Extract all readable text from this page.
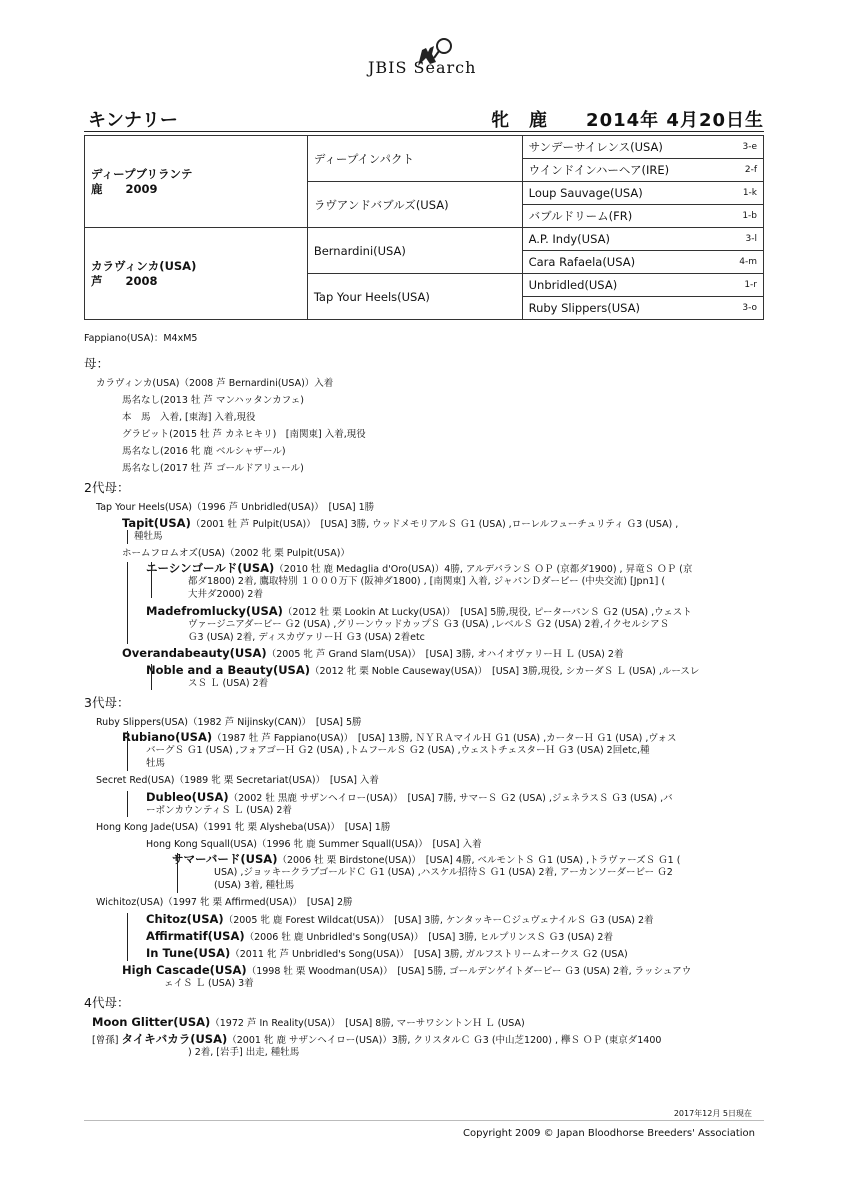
JBIS Search
キンナリー	牝　鹿　　2014年 4月20日生
ディープブリランテ
鹿　　2009	ディープインパクト	サンデーサイレンス(USA)	3-e
		ウインドインハーヘア(IRE)	2-f
	ラヴアンドバブルズ(USA)	Loup Sauvage(USA)	1-k
		バブルドリーム(FR)	1-b

カラヴィンカ(USA)
芦　　2008	Bernardini(USA)	A.P. Indy(USA)	3-l
		Cara Rafaela(USA)	4-m
	Tap Your Heels(USA)	Unbridled(USA)	1-r
		Ruby Slippers(USA)	3-o
Fappiano(USA)：M4xM5
母：
カラヴィンカ(USA)（2008 芦 Bernardini(USA)）入着
馬名なし(2013 牡 芦 マンハッタンカフェ)
本　馬　入着, [東海] 入着,現役
グラビット(2015 牡 芦 カネヒキリ)　[南関東] 入着,現役
馬名なし(2016 牝 鹿 ベルシャザール)
馬名なし(2017 牡 芦 ゴールドアリュール)
2代母：
Tap Your Heels(USA)（1996 芦 Unbridled(USA)）　[USA] 1勝
Tapit(USA)（2001 牡 芦 Pulpit(USA)）　[USA] 3勝, ウッドメモリアルＳ Ｇ1 (USA) ,ローレルフューチュリティ Ｇ3 (USA) ,
種牡馬
ホームフロムオズ(USA)（2002 牝 栗 Pulpit(USA)）
エーシンゴールド(USA)（2010 牡 鹿 Medaglia d'Oro(USA)）4勝, アルデバランＳ ＯＰ (京都ダ1900) , 昇竜Ｓ ＯＰ (京
都ダ1800) 2着, 鷹取特別 １０００万下 (阪神ダ1800) , [南関東] 入着, ジャパンＤダービー (中央交流) [Jpn1] (
大井ダ2000) 2着
Madefromlucky(USA)（2012 牡 栗 Lookin At Lucky(USA)）　[USA] 5勝,現役, ピーターパンＳ Ｇ2 (USA) ,ウェスト
ヴァージニアダービー Ｇ2 (USA) ,グリーンウッドカップＳ Ｇ3 (USA) ,レベルＳ Ｇ2 (USA) 2着,イクセルシアＳ
Ｇ3 (USA) 2着, ディスカヴァリーＨ Ｇ3 (USA) 2着etc
Overandabeauty(USA)（2005 牝 芦 Grand Slam(USA)）　[USA] 3勝, オハイオヴァリーＨ Ｌ (USA) 2着
Noble and a Beauty(USA)（2012 牝 栗 Noble Causeway(USA)）　[USA] 3勝,現役, シカーダＳ Ｌ (USA) ,ルースレ
スＳ Ｌ (USA) 2着
3代母：
Ruby Slippers(USA)（1982 芦 Nijinsky(CAN)）　[USA] 5勝
Rubiano(USA)（1987 牡 芦 Fappiano(USA)）　[USA] 13勝, ＮＹＲＡマイルＨ Ｇ1 (USA) ,カーターＨ Ｇ1 (USA) ,ヴォス
バーグＳ Ｇ1 (USA) ,フォアゴーＨ Ｇ2 (USA) ,トムフールＳ Ｇ2 (USA) ,ウェストチェスターＨ Ｇ3 (USA) 2回etc,種
牡馬
Secret Red(USA)（1989 牝 栗 Secretariat(USA)）　[USA] 入着
Dubleo(USA)（2002 牡 黒鹿 サザンヘイロー(USA)）　[USA] 7勝, サマーＳ Ｇ2 (USA) ,ジェネラスＳ Ｇ3 (USA) ,バ
ーボンカウンティＳ Ｌ (USA) 2着
Hong Kong Jade(USA)（1991 牝 栗 Alysheba(USA)）　[USA] 1勝
Hong Kong Squall(USA)（1996 牝 鹿 Summer Squall(USA)）　[USA] 入着
サマーバード(USA)（2006 牡 栗 Birdstone(USA)）　[USA] 4勝, ベルモントＳ Ｇ1 (USA) ,トラヴァーズＳ Ｇ1 (
USA) ,ジョッキークラブゴールドＣ Ｇ1 (USA) ,ハスケル招待Ｓ Ｇ1 (USA) 2着, アーカンソーダービー Ｇ2
(USA) 3着, 種牡馬
Wichitoz(USA)（1997 牝 栗 Affirmed(USA)）　[USA] 2勝
Chitoz(USA)（2005 牝 鹿 Forest Wildcat(USA)）　[USA] 3勝, ケンタッキーＣジュヴェナイルＳ Ｇ3 (USA) 2着
Affirmatif(USA)（2006 牡 鹿 Unbridled's Song(USA)）　[USA] 3勝, ヒルプリンスＳ Ｇ3 (USA) 2着
In Tune(USA)（2011 牝 芦 Unbridled's Song(USA)）　[USA] 3勝, ガルフストリームオークス Ｇ2 (USA)
High Cascade(USA)（1998 牡 栗 Woodman(USA)）　[USA] 5勝, ゴールデンゲイトダービー Ｇ3 (USA) 2着, ラッシュアウ
ェイＳ Ｌ (USA) 3着
4代母：
Moon Glitter(USA)（1972 芦 In Reality(USA)）　[USA] 8勝, マーサワシントンＨ Ｌ (USA)
[曾孫] タイキバカラ(USA)（2001 牝 鹿 サザンヘイロー(USA)）3勝, クリスタルＣ Ｇ3 (中山芝1200) , 欅Ｓ ＯＰ (東京ダ1400
) 2着, [岩手] 出走, 種牡馬
2017年12月 5日現在
Copyright 2009 © Japan Bloodhorse Breeders' Association
